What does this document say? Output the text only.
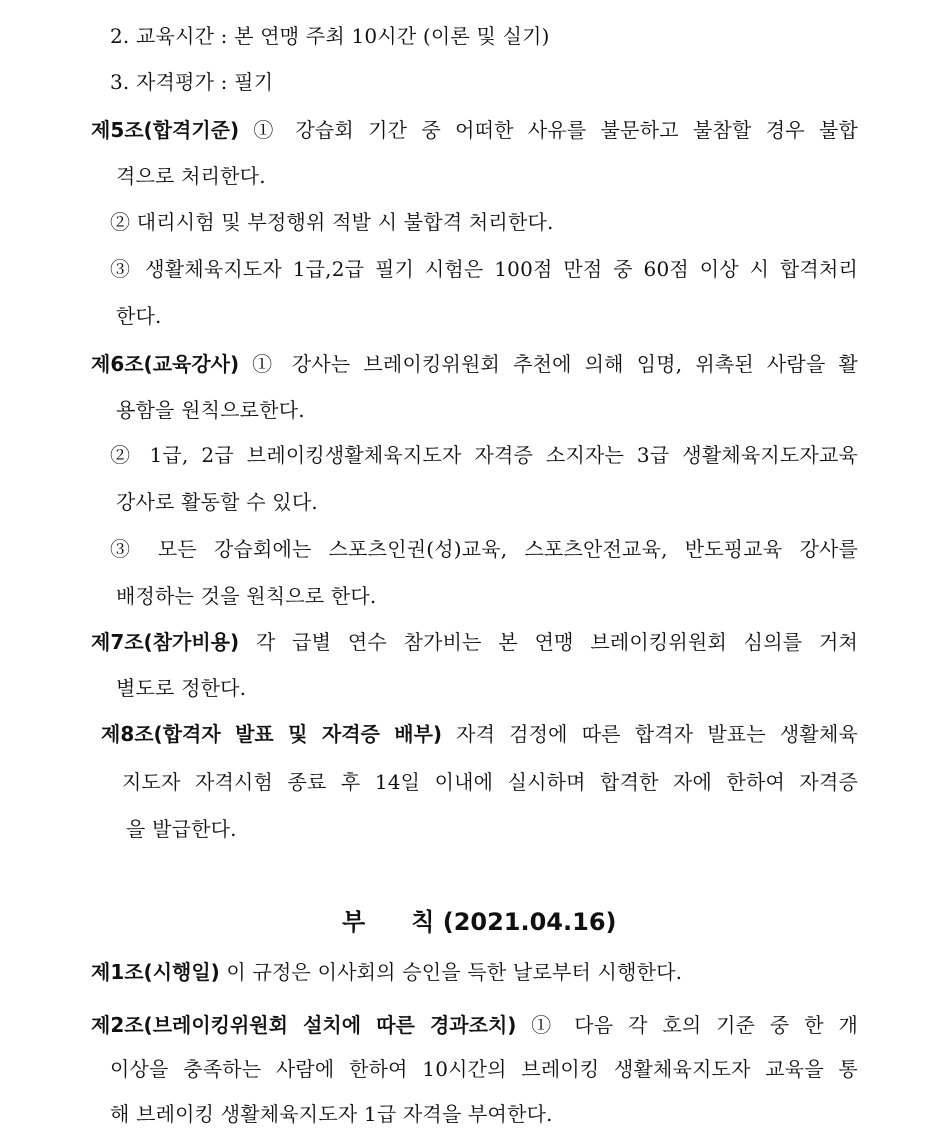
2. 교육시간 : 본 연맹 주최 10시간 (이론 및 실기)
3. 자격평가 : 필기
제5조(합격기준) ① 강습회 기간 중 어떠한 사유를 불문하고 불참할 경우 불합
격으로 처리한다.
② 대리시험 및 부정행위 적발 시 불합격 처리한다.
③ 생활체육지도자 1급,2급 필기 시험은 100점 만점 중 60점 이상 시 합격처리
한다.
제6조(교육강사) ① 강사는 브레이킹위원회 추천에 의해 임명, 위촉된 사람을 활
용함을 원칙으로한다.
② 1급, 2급 브레이킹생활체육지도자 자격증 소지자는 3급 생활체육지도자교육
강사로 활동할 수 있다.
③ 모든 강습회에는 스포츠인권(성)교육, 스포츠안전교육, 반도핑교육 강사를
배정하는 것을 원칙으로 한다.
제7조(참가비용) 각 급별 연수 참가비는 본 연맹 브레이킹위원회 심의를 거쳐
별도로 정한다.
제8조(합격자 발표 및 자격증 배부) 자격 검정에 따른 합격자 발표는 생활체육
지도자 자격시험 종료 후 14일 이내에 실시하며 합격한 자에 한하여 자격증
을 발급한다.
부 칙 (2021.04.16)
제1조(시행일) 이 규정은 이사회의 승인을 득한 날로부터 시행한다.
제2조(브레이킹위원회 설치에 따른 경과조치) ① 다음 각 호의 기준 중 한 개
이상을 충족하는 사람에 한하여 10시간의 브레이킹 생활체육지도자 교육을 통
해 브레이킹 생활체육지도자 1급 자격을 부여한다.
